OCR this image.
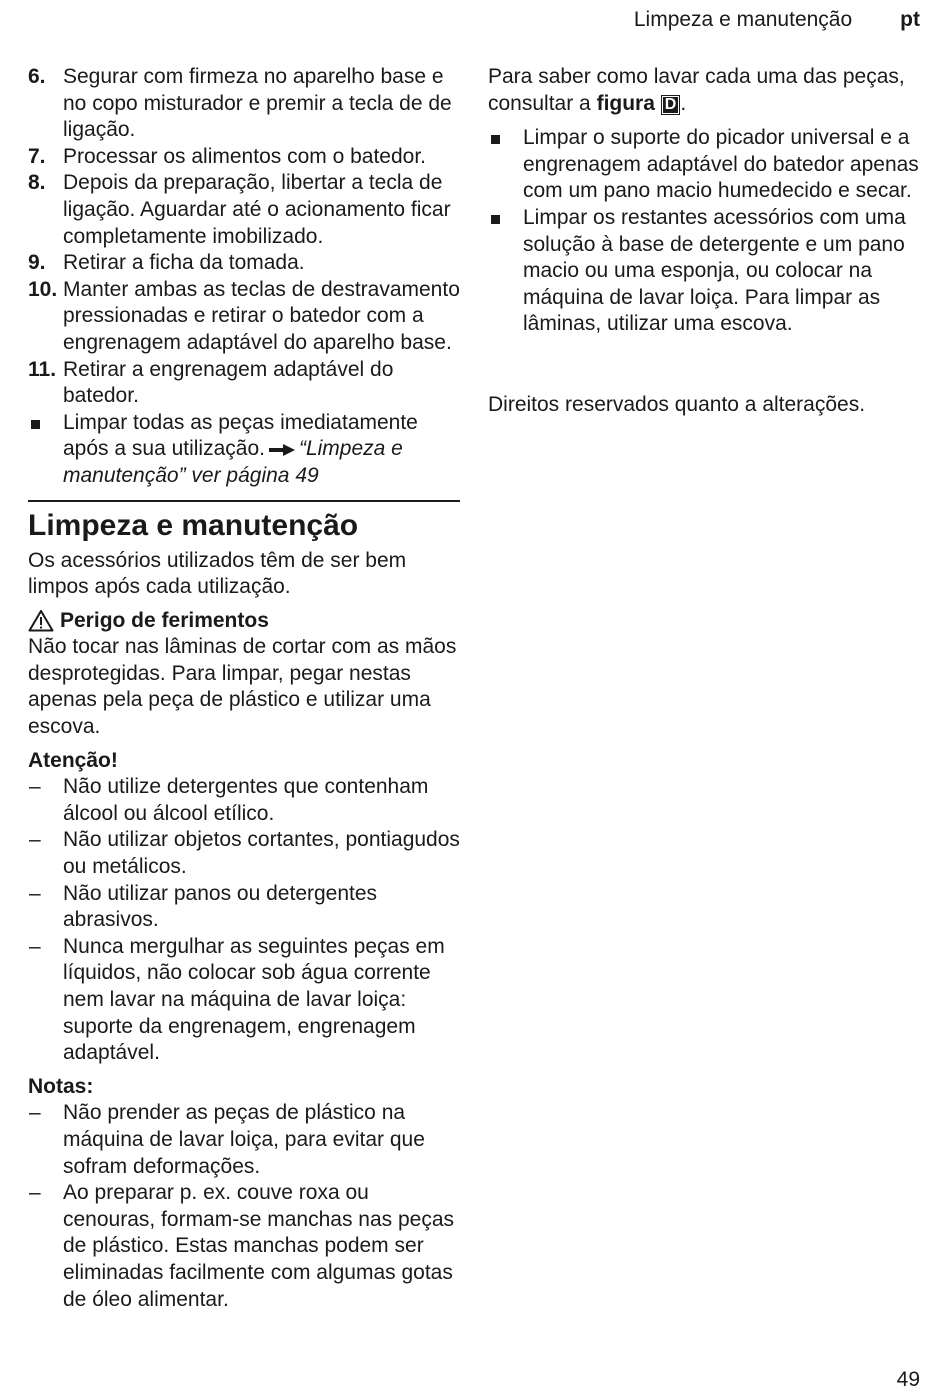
Limpeza e manutenção pt
6. Segurar com firmeza no aparelho base e no copo misturador e premir a tecla de de ligação.
7. Processar os alimentos com o batedor.
8. Depois da preparação, libertar a tecla de ligação. Aguardar até o acionamento ficar completamente imobilizado.
9. Retirar a ficha da tomada.
10. Manter ambas as teclas de destravamento pressionadas e retirar o batedor com a engrenagem adaptável do aparelho base.
11. Retirar a engrenagem adaptável do batedor.
Limpar todas as peças imediatamente após a sua utilização. “Limpeza e manutenção” ver página 49
Limpeza e manutenção

Os acessórios utilizados têm de ser bem limpos após cada utilização.

Perigo de ferimentos

Não tocar nas lâminas de cortar com as mãos desprotegidas. Para limpar, pegar nestas apenas pela peça de plástico e utilizar uma escova.

Atenção!
– Não utilize detergentes que contenham álcool ou álcool etílico.
– Não utilizar objetos cortantes, pontiagudos ou metálicos.
– Não utilizar panos ou detergentes abrasivos.
– Nunca mergulhar as seguintes peças em líquidos, não colocar sob água corrente nem lavar na máquina de lavar loiça: suporte da engrenagem, engrenagem adaptável.
Notas:
– Não prender as peças de plástico na máquina de lavar loiça, para evitar que sofram deformações.
– Ao preparar p. ex. couve roxa ou cenouras, formam-se manchas nas peças de plástico. Estas manchas podem ser eliminadas facilmente com algumas gotas de óleo alimentar.

Para saber como lavar cada uma das peças, consultar a figura D .

Limpar o suporte do picador universal e a engrenagem adaptável do batedor apenas com um pano macio humedecido e secar.
Limpar os restantes acessórios com uma solução à base de detergente e um pano macio ou uma esponja, ou colocar na máquina de lavar loiça. Para limpar as lâminas, utilizar uma escova.

Direitos reservados quanto a alterações.

49
